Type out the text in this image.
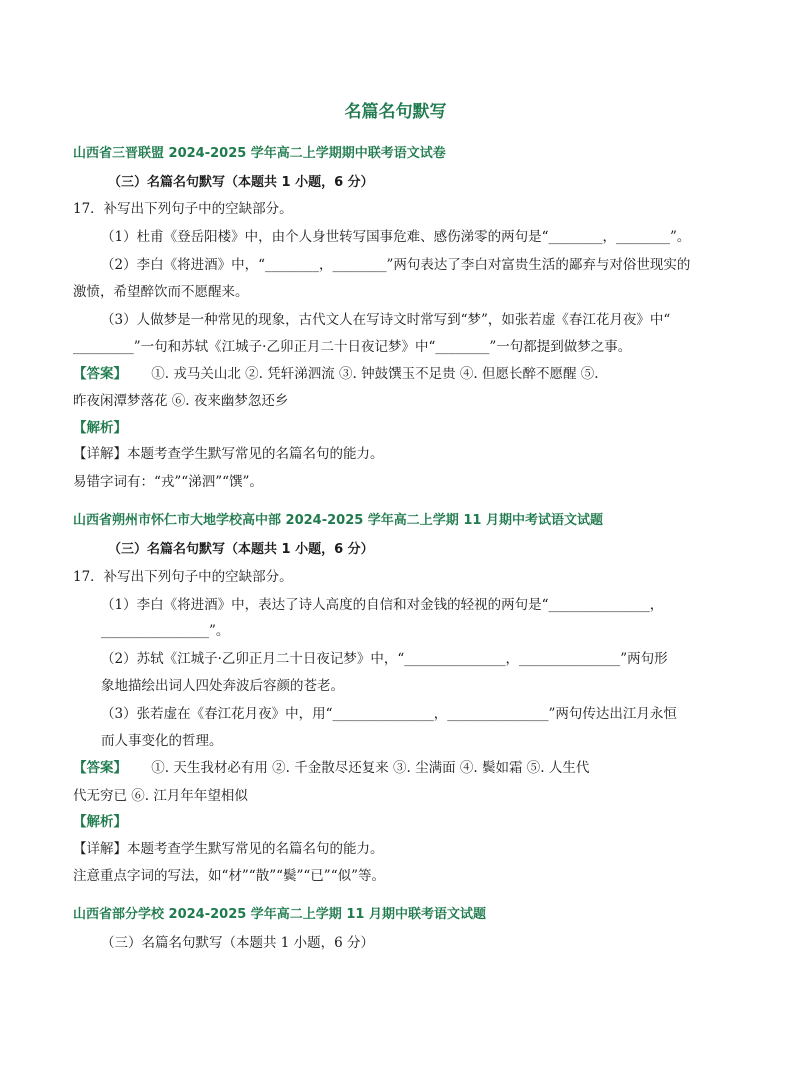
名篇名句默写
山西省三晋联盟 2024-2025 学年高二上学期期中联考语文试卷
（三）名篇名句默写（本题共 1 小题，6 分）
17．补写出下列句子中的空缺部分。
（1）杜甫《登岳阳楼》中，由个人身世转写国事危难、感伤涕零的两句是“________，________”。
（2）李白《将进酒》中，“________，________”两句表达了李白对富贵生活的鄙弃与对俗世现实的
激愤，希望醉饮而不愿醒来。
（3）人做梦是一种常见的现象，古代文人在写诗文时常写到“梦”，如张若虚《春江花月夜》中“
_________”一句和苏轼《江城子·乙卯正月二十日夜记梦》中“________”一句都提到做梦之事。
【答案】 ①. 戎马关山北 ②. 凭轩涕泗流 ③. 钟鼓馔玉不足贵 ④. 但愿长醉不愿醒 ⑤.
昨夜闲潭梦落花 ⑥. 夜来幽梦忽还乡
【解析】
【详解】本题考查学生默写常见的名篇名句的能力。
易错字词有：“戎”“涕泗”“馔”。
山西省朔州市怀仁市大地学校高中部 2024-2025 学年高二上学期 11 月期中考试语文试题
（三）名篇名句默写（本题共 1 小题，6 分）
17．补写出下列句子中的空缺部分。
（1）李白《将进酒》中，表达了诗人高度的自信和对金钱的轻视的两句是“_______________，
________________”。
（2）苏轼《江城子·乙卯正月二十日夜记梦》中，“_______________，_______________”两句形
象地描绘出词人四处奔波后容颜的苍老。
（3）张若虚在《春江花月夜》中，用“_______________，_______________”两句传达出江月永恒
而人事变化的哲理。
【答案】 ①. 天生我材必有用 ②. 千金散尽还复来 ③. 尘满面 ④. 鬓如霜 ⑤. 人生代
代无穷已 ⑥. 江月年年望相似
【解析】
【详解】本题考查学生默写常见的名篇名句的能力。
注意重点字词的写法，如“材”“散”“鬓”“已”“似”等。
山西省部分学校 2024-2025 学年高二上学期 11 月期中联考语文试题
（三）名篇名句默写（本题共 1 小题，6 分）
